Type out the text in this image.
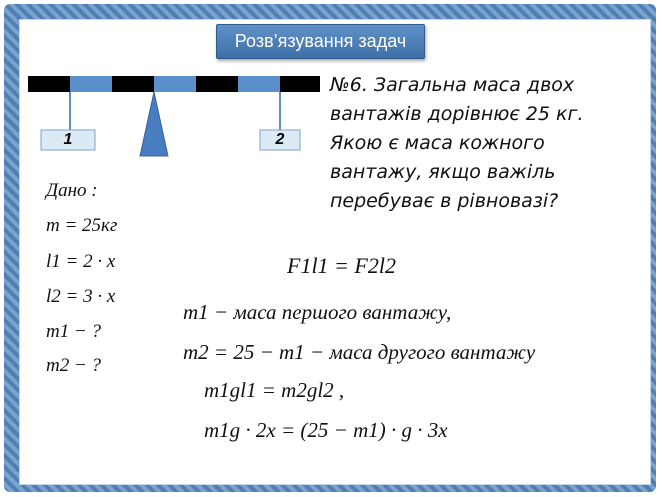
Розв’язування задач
1	2
№6. Загальна маса двох
вантажів дорівнює 25 кг.
Якою є маса кожного
вантажу, якщо важіль
перебуває в рівновазі?
Дано :
m = 25кг
l1 = 2 · x
l2 = 3 · x
m1 − ?
m2 − ?
F1l1 = F2l2
m1 − маса першого вантажу,
m2 = 25 − m1 − маса другого вантажу
m1gl1 = m2gl2 ,
m1g · 2x = (25 − m1) · g · 3x
